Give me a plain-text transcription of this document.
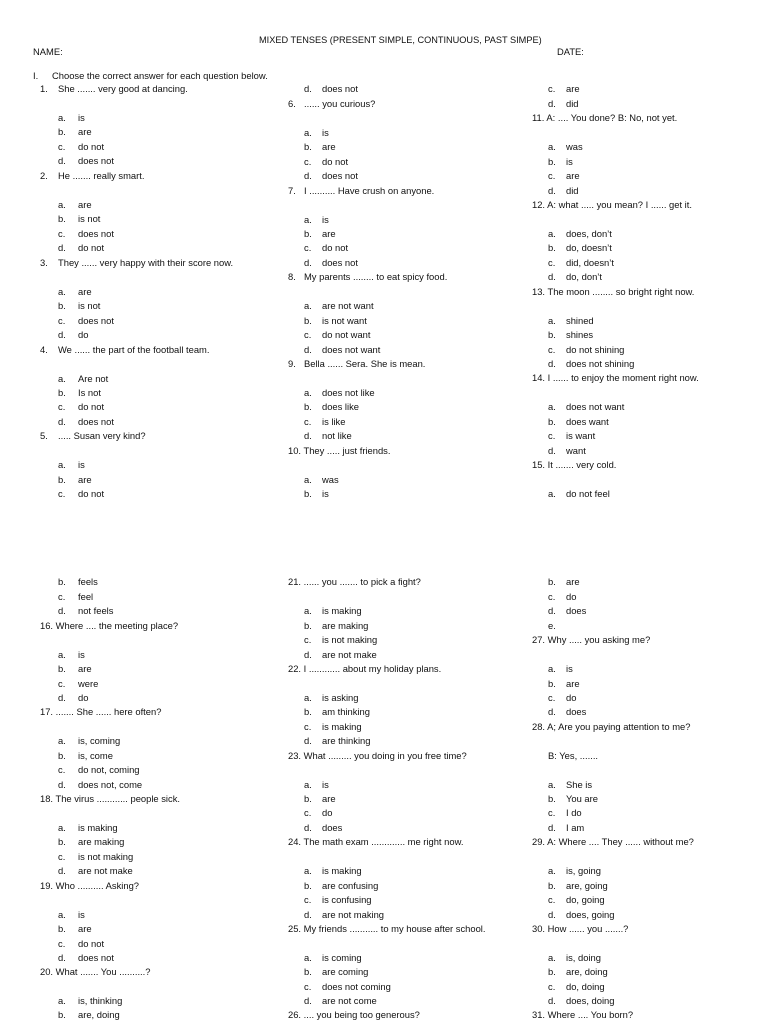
MIXED TENSES (PRESENT SIMPLE, CONTINUOUS, PAST SIMPE)
NAME:	DATE:
I. Choose the correct answer for each question below.
1. She ....... very good at dancing.
a. is
b. are
c. do not
d. does not
2. He ....... really smart.
a. are
b. is not
c. does not
d. do not
3. They ...... very happy with their score now.
a. are
b. is not
c. does not
d. do
4. We ...... the part of the football team.
a. Are not
b. Is not
c. do not
d. does not
5. ..... Susan very kind?
a. is
b. are
c. do not
d. does not
6. ...... you curious?
a. is
b. are
c. do not
d. does not
7. I .......... Have crush on anyone.
a. is
b. are
c. do not
d. does not
8. My parents ........ to eat spicy food.
a. are not want
b. is not want
c. do not want
d. does not want
9. Bella ...... Sera. She is mean.
a. does not like
b. does like
c. is like
d. not like
10. They ..... just friends.
a. was
b. is
c. are
d. did
11. A: .... You done? B: No, not yet.
a. was
b. is
c. are
d. did
12. A: what ..... you mean? I ...... get it.
a. does, don’t
b. do, doesn’t
c. did, doesn’t
d. do, don’t
13. The moon ........ so bright right now.
a. shined
b. shines
c. do not shining
d. does not shining
14. I ...... to enjoy the moment right now.
a. does not want
b. does want
c. is want
d. want
15. It ....... very cold.
a. do not feel
b. feels
c. feel
d. not feels
16. Where .... the meeting place?
a. is
b. are
c. were
d. do
17. ....... She ...... here often?
a. is, coming
b. is, come
c. do not, coming
d. does not, come
18. The virus ............ people sick.
a. is making
b. are making
c. is not making
d. are not make
19. Who .......... Asking?
a. is
b. are
c. do not
d. does not
20. What ....... You ..........?
a. is, thinking
b. are, doing
21. ...... you ....... to pick a fight?
a. is making
b. are making
c. is not making
d. are not make
22. I ............ about my holiday plans.
a. is asking
b. am thinking
c. is making
d. are thinking
23. What ......... you doing in you free time?
a. is
b. are
c. do
d. does
24. The math exam ............. me right now.
a. is making
b. are confusing
c. is confusing
d. are not making
25. My friends ........... to my house after school.
a. is coming
b. are coming
c. does not coming
d. are not come
26. .... you being too generous?
b. are
c. do
d. does
e.
27. Why ..... you asking me?
a. is
b. are
c. do
d. does
28. A; Are you paying attention to me?
B: Yes, .......
a. She is
b. You are
c. I do
d. I am
29. A: Where .... They ...... without me?
a. is, going
b. are, going
c. do, going
d. does, going
30. How ...... you .......?
a. is, doing
b. are, doing
c. do, doing
d. does, doing
31. Where .... You born?
